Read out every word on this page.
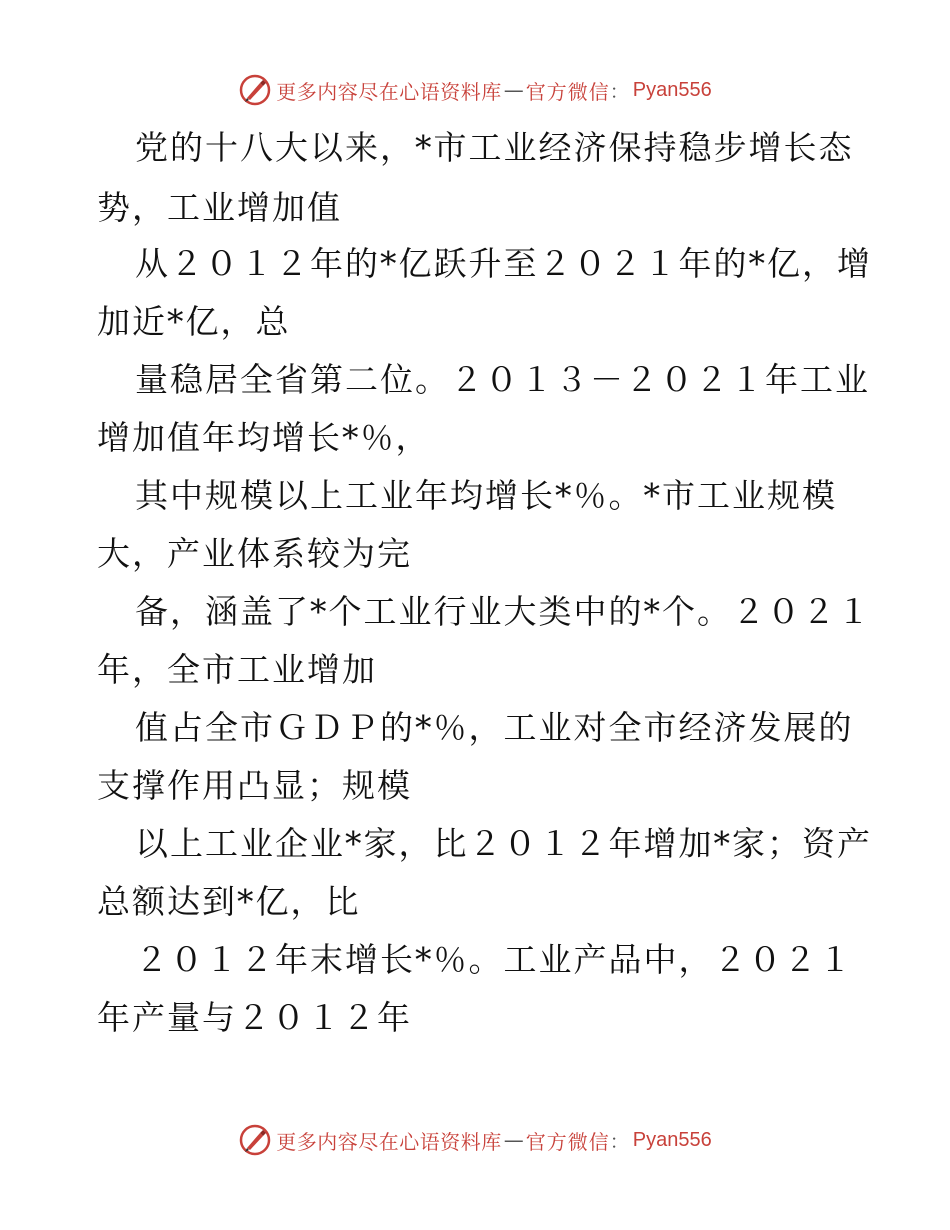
更多内容尽在心语资料库 — 官方微信 ： Pyan556
党的十八大以来，*市工业经济保持稳步增长态
势，工业增加值
从２０１２年的*亿跃升至２０２１年的*亿，增
加近*亿，总
量稳居全省第二位。２０１３－２０２１年工业
增加值年均增长*％，
其中规模以上工业年均增长*％。*市工业规模
大，产业体系较为完
备，涵盖了*个工业行业大类中的*个。２０２１
年，全市工业增加
值占全市ＧＤＰ的*％，工业对全市经济发展的
支撑作用凸显；规模
以上工业企业*家，比２０１２年增加*家；资产
总额达到*亿，比
２０１２年末增长*％。工业产品中，２０２１
年产量与２０１２年
更多内容尽在心语资料库 — 官方微信 ： Pyan556
